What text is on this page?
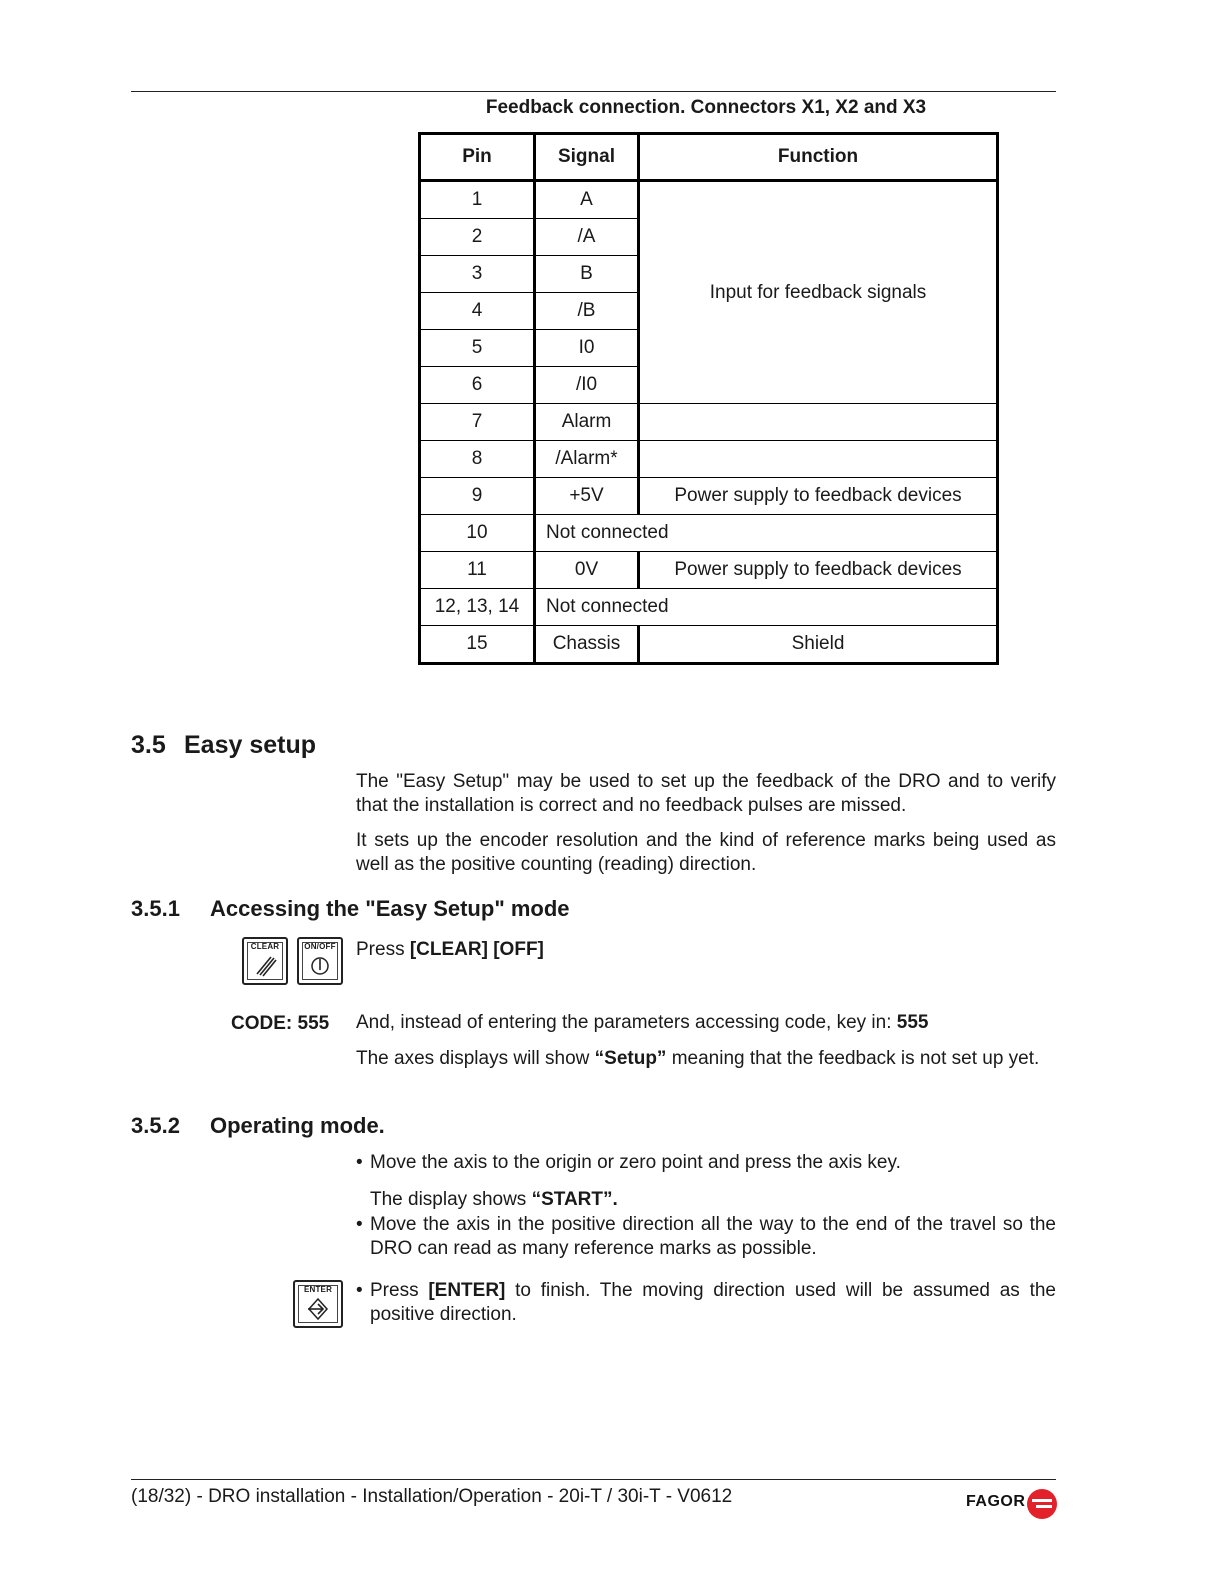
Feedback connection. Connectors X1, X2 and X3
Pin	Signal	Function
1	A	Input for feedback signals
2	/A	
3	B	
4	/B	
5	I0	
6	/I0	
7	Alarm	
8	/Alarm*	
9	+5V	Power supply to feedback devices
10	Not connected	
11	0V	Power supply to feedback devices
12, 13, 14	Not connected	
15	Chassis	Shield
3.5 Easy setup
The "Easy Setup" may be used to set up the feedback of the DRO and to verify that the installation is correct and no feedback pulses are missed.
It sets up the encoder resolution and the kind of reference marks being used as well as the positive counting (reading) direction.
3.5.1 Accessing the "Easy Setup" mode
CLEAR	ON/OFF Press [CLEAR] [OFF]
CODE: 555 And, instead of entering the parameters accessing code, key in: 555
The axes displays will show “Setup” meaning that the feedback is not set up yet.
3.5.2 Operating mode.
• Move the axis to the origin or zero point and press the axis key.
The display shows “START”.
• Move the axis in the positive direction all the way to the end of the travel so the DRO can read as many reference marks as possible.
ENTER	• Press [ENTER] to finish. The moving direction used will be assumed as the positive direction.
(18/32) - DRO installation - Installation/Operation - 20i-T / 30i-T - V0612	FAGOR
